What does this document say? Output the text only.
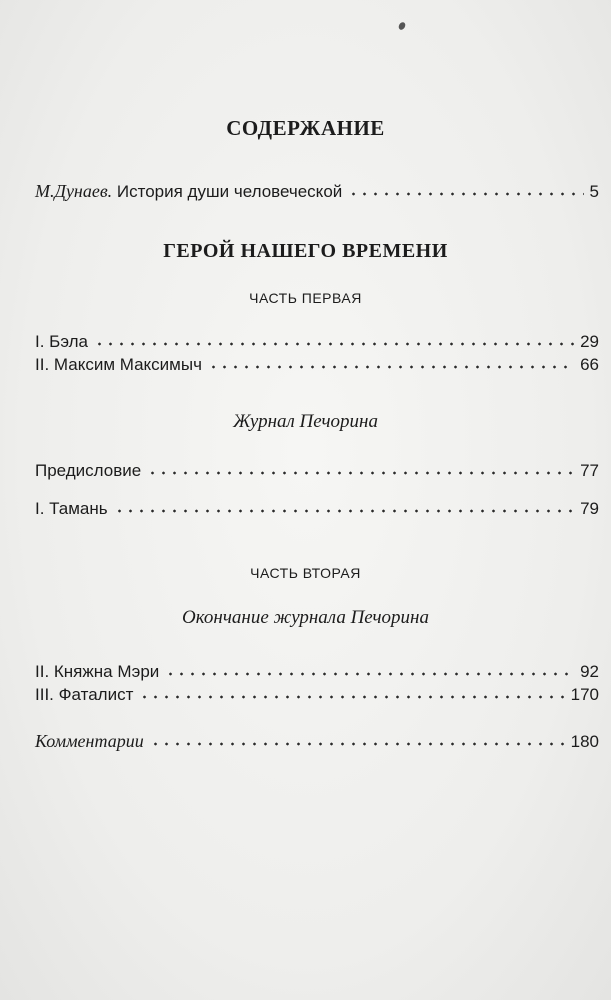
СОДЕРЖАНИЕ
М.Дунаев. История души человеческой	5
ГЕРОЙ НАШЕГО ВРЕМЕНИ
ЧАСТЬ ПЕРВАЯ
I. Бэла	29
II. Максим Максимыч	66
Журнал Печорина
Предисловие	77
I. Тамань	79
ЧАСТЬ ВТОРАЯ
Окончание журнала Печорина
II. Княжна Мэри	92
III. Фаталист	170
Комментарии	180
